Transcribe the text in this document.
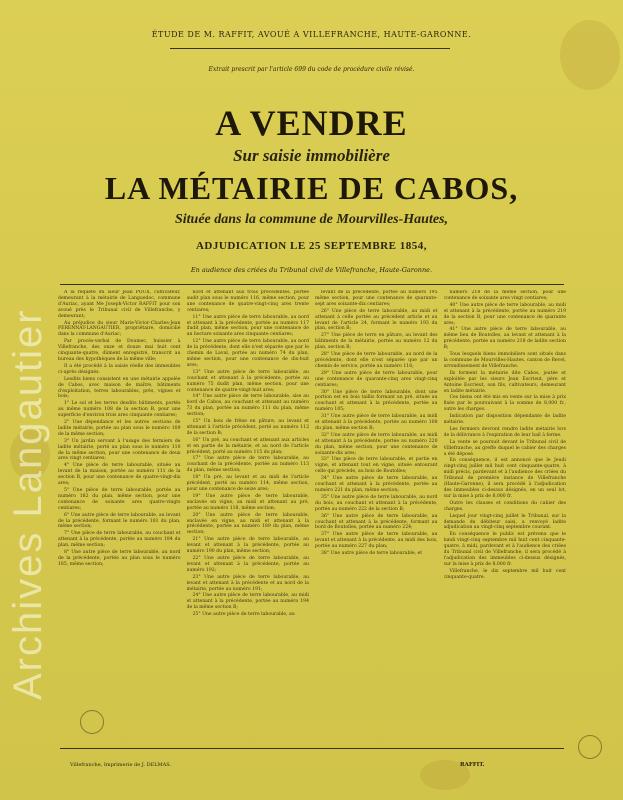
Archives Langautier
ÉTUDE DE M. RAFFIT, AVOUÉ A VILLEFRANCHE, HAUTE-GARONNE.
Extrait prescrit par l'article 699 du code de procédure civile révisé.
A VENDRE
Sur saisie immobilière
LA MÉTAIRIE DE CABOS,
Située dans la commune de Mourvilles-Hautes,
ADJUDICATION LE 25 SEPTEMBRE 1854,
En audience des criées du Tribunal civil de Villefranche, Haute-Garonne.

A la requête du sieur Jean POUX, cultivateur, demeurant à la métairie de Languedoc, commune d'Auriac, ayant Me Joseph-Victor RAFFIT pour son avoué près le Tribunal civil de Villefranche, y demeurant;

Au préjudice du sieur Marie-Victor-Charles-Jean PERENNAT-LANGAUTIER, propriétaire, domicilié dans la commune d'Auriac;

Par procès-verbal de Doumec, huissier à Villefranche, des onze et douze mai huit cent cinquante-quatre, dûment enregistré, transcrit au bureau des hypothèques de la même ville;

Il a été procédé à la saisie réelle des immeubles ci-après désignés.

Lesdits biens consistent en une métairie appelée de Cabos, avec maison de maître, bâtiments d'exploitation, terres labourables, prés, vignes et bois;

1° Le sol et les terres desdits bâtiments, portés au même numéro 108 de la section B, pour une superficie d'environ trois ares cinquante centiares;

2° Une dépendance et les autres sections de ladite métairie, portée au plan sous le numéro 109 de la même section;

3° Un jardin servant à l'usage des fermiers de ladite métairie, porté au plan sous le numéro 110 de la même section, pour une contenance de deux ares vingt centiares;

4° Une pièce de terre labourable, située au levant de la maison, portée au numéro 111 de la section B, pour une contenance de quatre-vingt-dix ares;

5° Une pièce de terre labourable, portée au numéro 182 du plan, même section, pour une contenance de soixante ares quatre-vingts centiares;

6° Une autre pièce de terre labourable, au levant de la précédente, formant le numéro 181 du plan, même section;

7° Une pièce de terre labourable, au couchant et attenant à la précédente, portée au numéro 184 du plan, même section;

8° Une autre pièce de terre labourable, au nord de la précédente, portée au plan sous le numéro 185, même section;

nord et attenant aux trois précédentes, portée audit plan sous le numéro 116, même section, pour une contenance de quatre-vingt-cinq ares trente centiares;

11° Une autre pièce de terre labourable, au nord et attenant à la précédente, portée au numéro 117 dudit plan, même section, pour une contenance de un hectare soixante ares cinquante centiares;

12° Une autre pièce de terre labourable, au nord de la précédente, dont elle n'est séparée que par le chemin de Laval, portée au numéro 74 du plan, même section, pour une contenance de dix-huit ares;

13° Une autre pièce de terre labourable, au couchant et attenant à la précédente, portée au numéro 75 dudit plan, même section, pour une contenance de quatre-vingt-huit ares;

14° Une autre pièce de terre labourable, sise au bord de Cabos, au couchant et attenant au numéro 73 du plan, portée au numéro 111 du plan, même section;

15° Un bois de frêne en pâture, au levant et attenant à l'article précédent, porté au numéro 112 de la section B;

16° Un pré, au couchant et attenant aux articles et en partie de la métairie, et au nord de l'article précédent, porté au numéro 115 du plan;

17° Une autre pièce de terre labourable, au couchant de la précédente, portée au numéro 113 du plan, même section;

18° Un pré, au levant et au midi de l'article précédent, porté au numéro 114, même section, pour une contenance de seize ares;

19° Une autre pièce de terre labourable, enclavée en vigne, au midi et attenant au pré, portée au numéro 118, même section;

20° Une autre pièce de terre labourable, enclavée en vigne, au midi et attenant à la précédente, portée au numéro 189 du plan, même section;

21° Une autre pièce de terre labourable, au levant et attenant à la précédente, portée au numéro 190 du plan, même section;

22° Une autre pièce de terre labourable, au levant et attenant à la précédente, portée au numéro 192;

23° Une autre pièce de terre labourable, au levant et attenant à la précédente et au nord de la métairie, portée au numéro 191;

24° Une autre pièce de terre labourable, au midi et attenant à la précédente, portée au numéro 194 de la même section B;

25° Une autre pièce de terre labourable, au

levant de la précédente, portée au numéro 195 même section, pour une contenance de quarante-sept ares soixante-dix centiares;

26° Une pièce de terre labourable, au midi et attenant à celle portée au précédent article et au levant de l'article 24, formant le numéro 193 du plan, section B;

27° Une pièce de terre en pâture, au levant des bâtiments de la métairie, portée au numéro 12 du plan, section B;

28° Une pièce de terre labourable, au nord de la précédente, dont elle n'est séparée que par un chemin de service, portée au numéro 116;

29° Une autre pièce de terre labourable, pour une contenance de quarante-cinq ares vingt-cinq centiares;

30° Une pièce de terre labourable, dont une portion est en bois taillis formant un pré, située au couchant et attenant à la précédente, portée au numéro 105;

31° Une autre pièce de terre labourable, au midi et attenant à la précédente, portée au numéro 108 du plan, même section B;

32° Une autre pièce de terre labourable, au midi et attenant à la précédente, portée au numéro 220 du plan, même section, pour une contenance de soixante-dix ares;

33° Une pièce de terre labourable, et partie en vigne, et attenant tout en vigne, située entourant celle qui précède, au bois de Boutolles;

34° Une autre pièce de terre labourable, au couchant et attenant à la précédente, portée au numéro 221 du plan, même section;

35° Une autre pièce de terre labourable, au nord du bois, au couchant et attenant à la précédente, portée au numéro 222 de la section B;

36° Une autre pièce de terre labourable, au couchant et attenant à la précédente, formant au bord de Boutolles, portée au numéro 224;

37° Une autre pièce de terre labourable, au levant et attenant à la précédente, au midi des bois, portée au numéro 227 du plan;

38° Une autre pièce de terre labourable, et

numéro 218 de la même section, pour une contenance de soixante ares vingt centiares;

40° Une autre pièce de terre labourable, au midi et attenant à la précédente, portée au numéro 219 de la section B, pour une contenance de quarante ares;

41° Une autre pièce de terre labourable, au même lieu de Boutolles, au levant et attenant à la précédente, portée au numéro 218 de ladite section B;

Tous lesquels biens immobiliers sont situés dans la commune de Mourvilles-Hautes, canton de Revel, arrondissement de Villefranche.

Ils forment la métairie dite Cabos, joutée et exploitée par les sieurs Jean Escrieut, père et Antoine Escrieut, son fils, cultivateurs, demeurant en ladite métairie.

Ces biens ont été mis en vente sur la mise à prix fixée par le poursuivant à la somme de 8,000 fr., outre les charges.

Indication par disposition dépendante de ladite métairie.

Les fermiers devront rendre ladite métairie lors de la délivrance à l'expiration de leur bail à ferme.

La vente se poursuit devant le Tribunal civil de Villefranche, au greffe duquel le cahier des charges a été déposé.

En conséquence, il est annoncé que le Jeudi vingt-cinq juillet mil huit cent cinquante-quatre, à midi précis, pardevant et à l'audience des criées du Tribunal de première instance de Villefranche (Haute-Garonne), il sera procédé à l'adjudication des immeubles ci-dessus désignés, en un seul lot, sur la mise à prix de 8,000 fr.

Outre les clauses et conditions du cahier des charges.

Lequel jour vingt-cinq juillet le Tribunal, sur la demande du débiteur saisi, a renvoyé ladite adjudication au vingt-cinq septembre courant.

En conséquence le public est prévenu que le lundi vingt-cinq septembre mil huit cent cinquante-quatre, à midi, pardevant et à l'audience des criées du Tribunal civil de Villefranche, il sera procédé à l'adjudication des immeubles ci-dessus désignés, sur la mise à prix de 8,000 fr.

Villefranche, le dix septembre mil huit cent cinquante-quatre.

Villefranche, Imprimerie de J. DELMAS.	RAFFIT.
